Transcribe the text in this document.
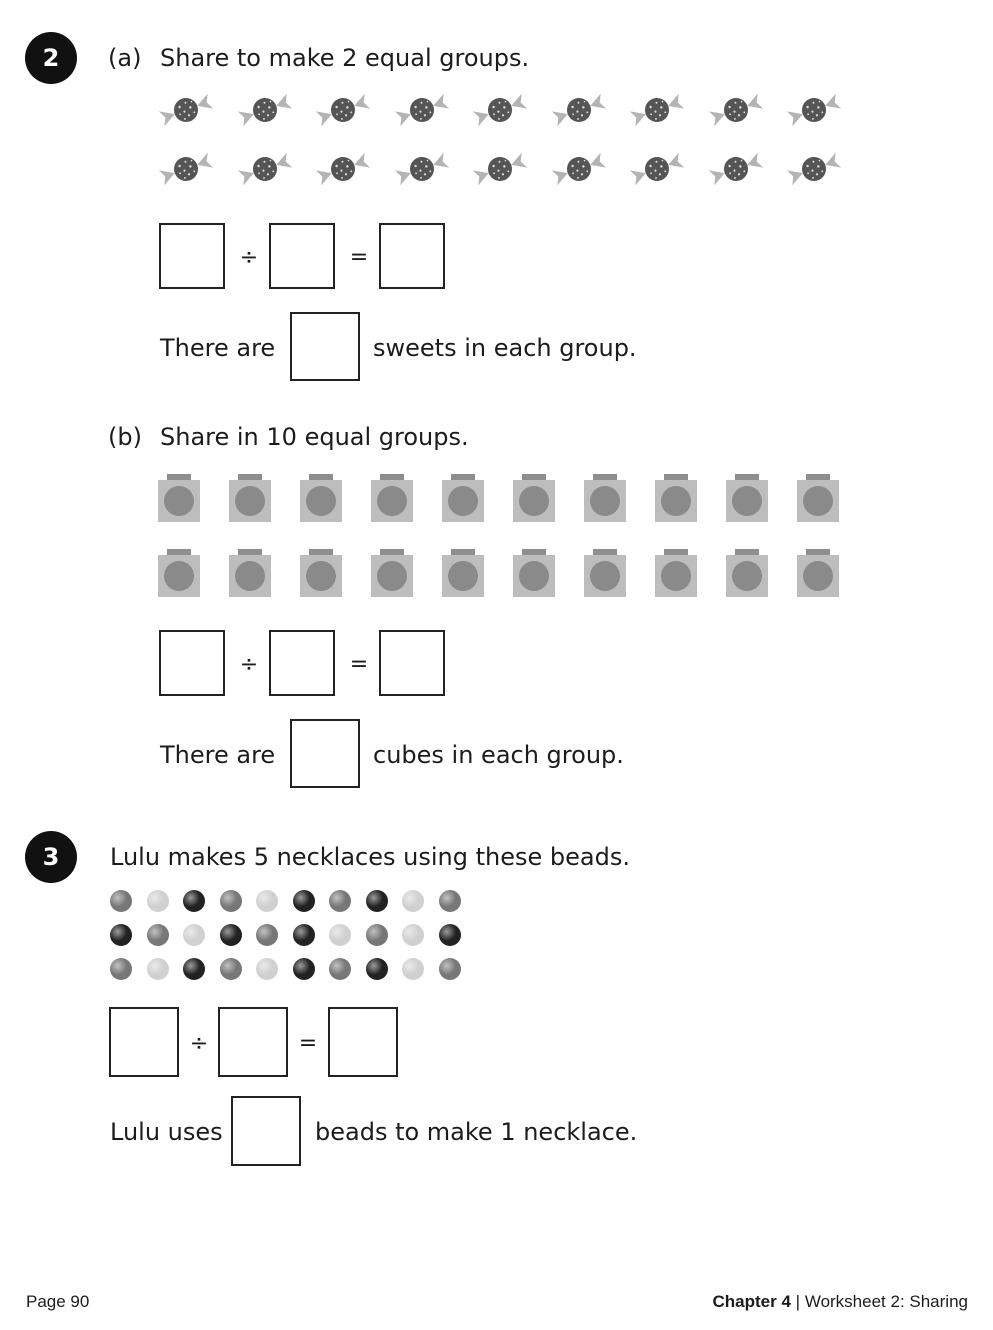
2	(a) Share to make 2 equal groups.
÷	=
There are	sweets in each group.
(b) Share in 10 equal groups.
÷	=
There are	cubes in each group.
3	Lulu makes 5 necklaces using these beads.
÷	=
Lulu uses	beads to make 1 necklace.
Page 90	Chapter 4 | Worksheet 2: Sharing
